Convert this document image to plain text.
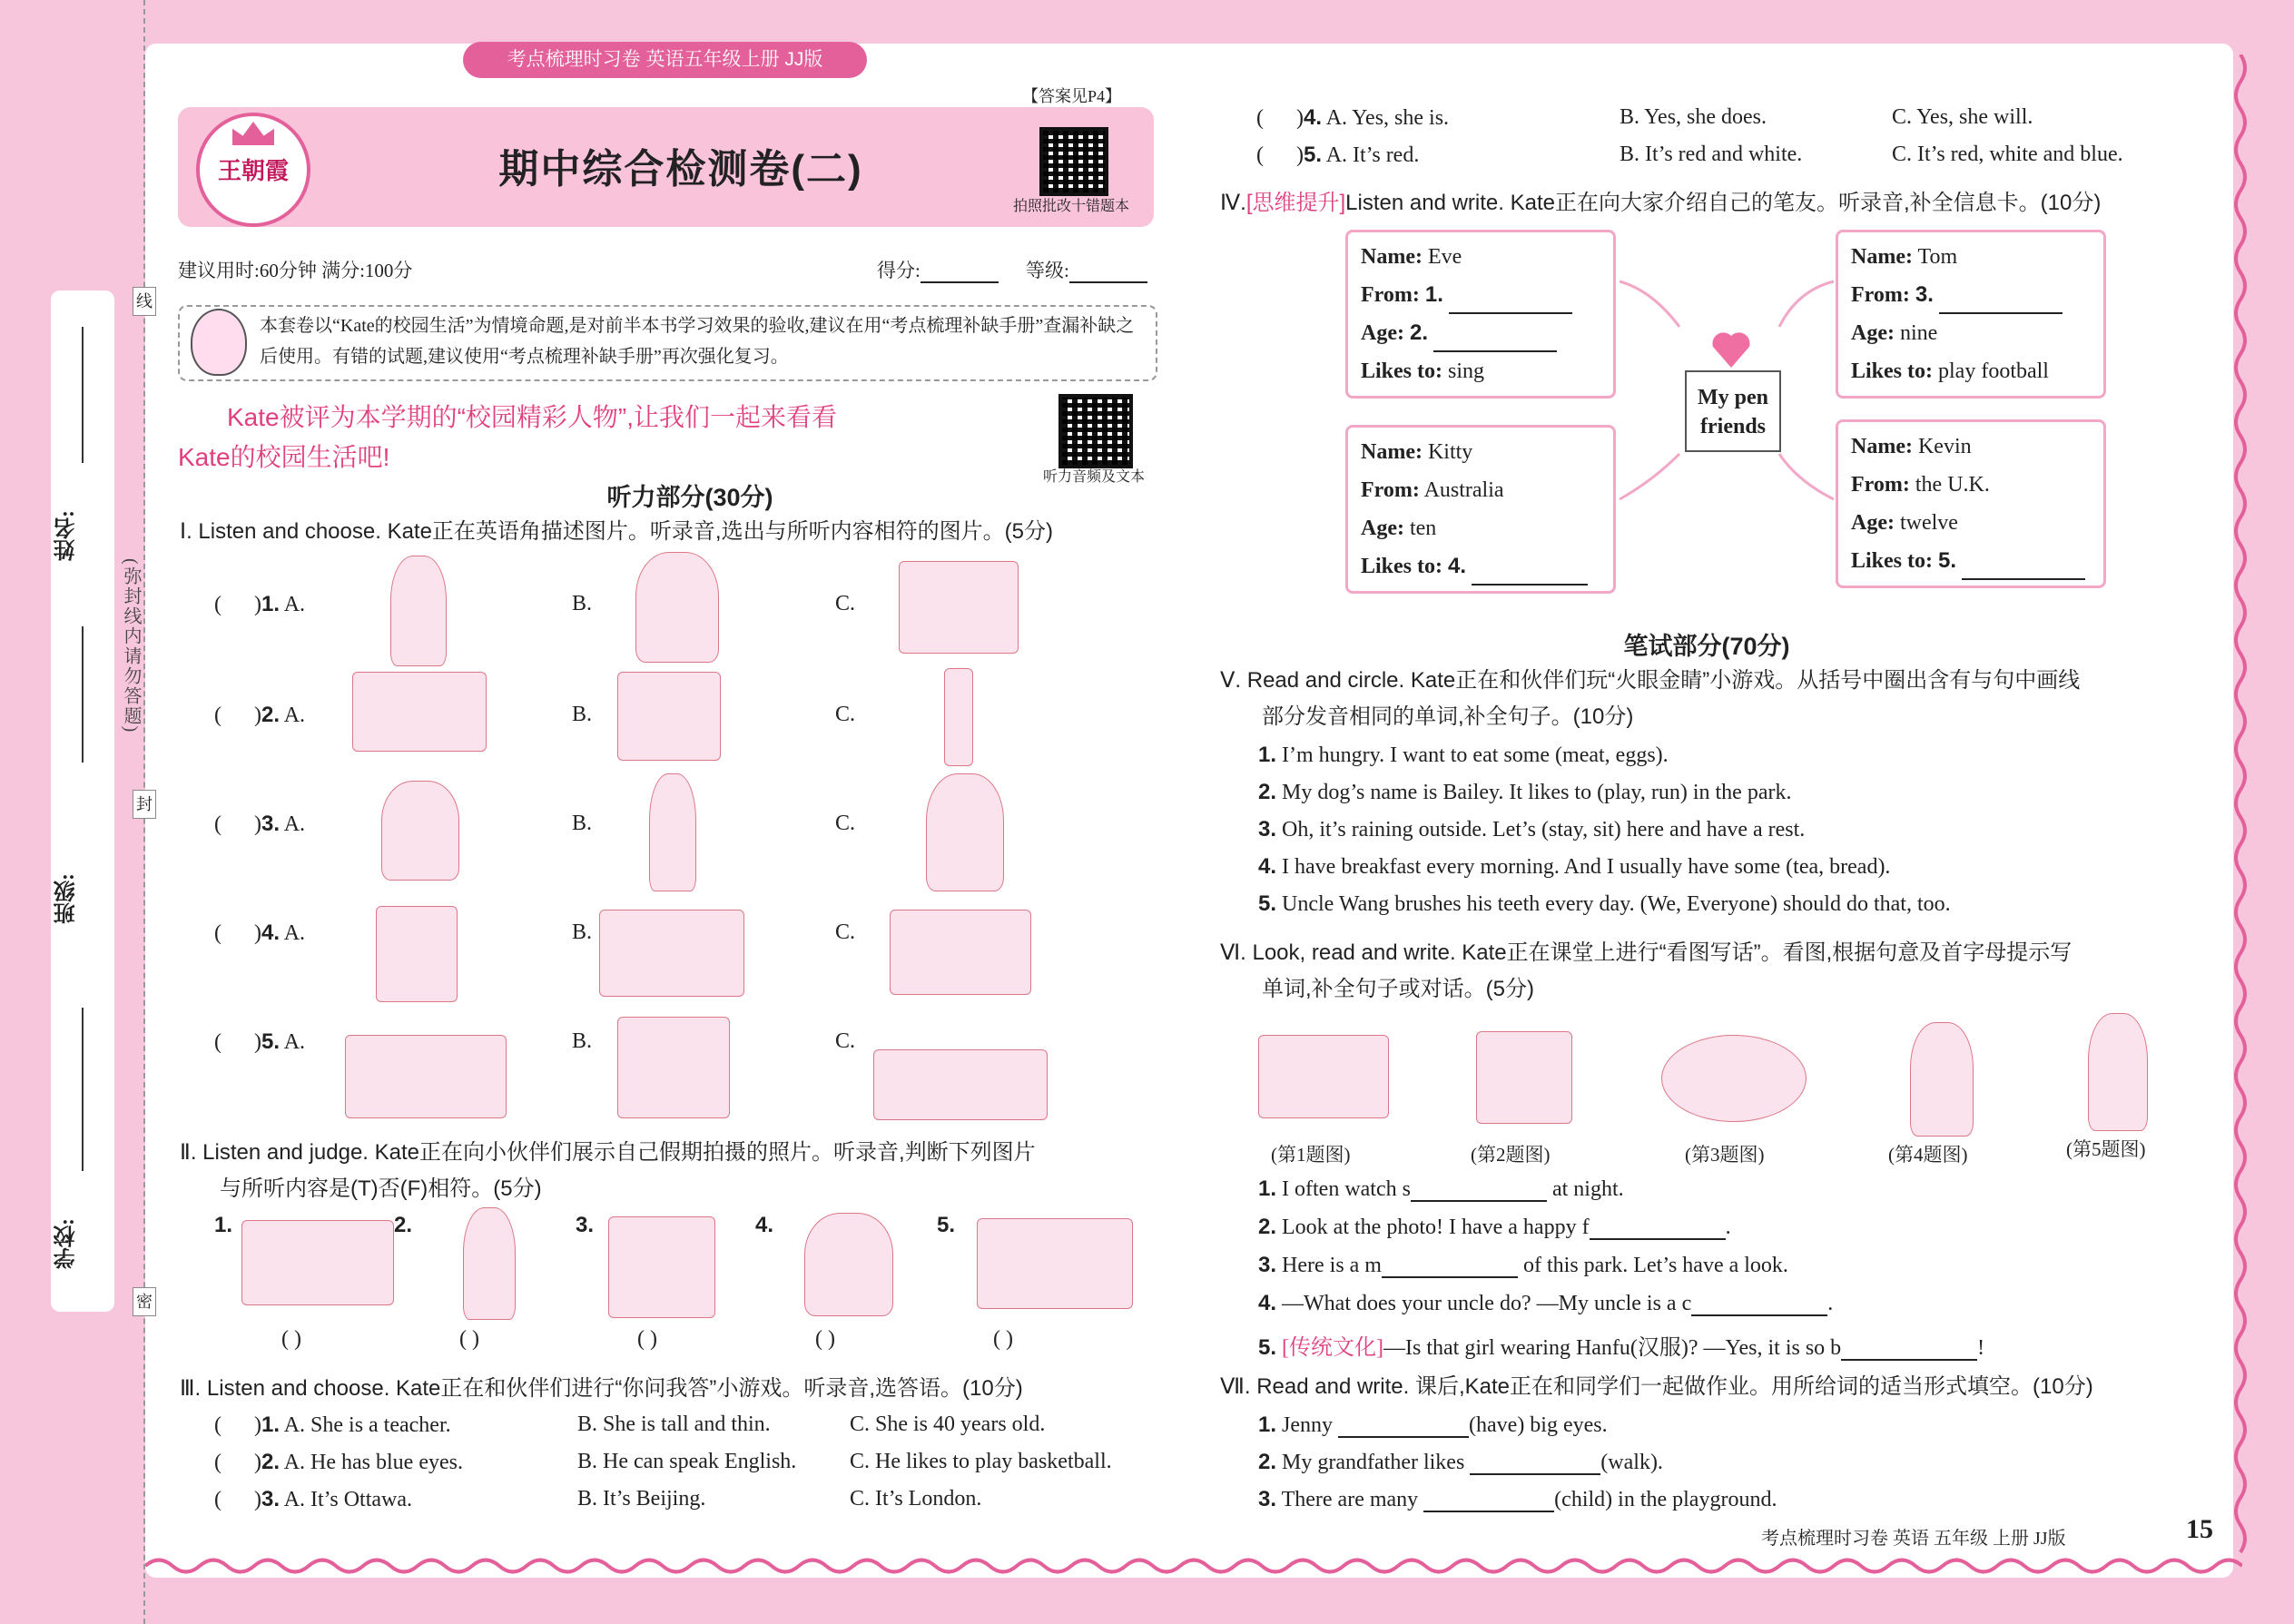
姓名:
班级:
学校:
线
封
密
(弥封线内请勿答题)
考点梳理时习卷 英语五年级上册 JJ版
【答案见P4】
王朝霞	期中综合检测卷(二)
拍照批改十错题本
建议用时:60分钟 满分:100分	得分:	等级:
本套卷以“Kate的校园生活”为情境命题,是对前半本书学习效果的验收,建议在用“考点梳理补缺手册”查漏补缺之后使用。有错的试题,建议使用“考点梳理补缺手册”再次强化复习。
Kate被评为本学期的“校园精彩人物”,让我们一起来看看
Kate的校园生活吧!
听力音频及文本
听力部分(30分)
Ⅰ. Listen and choose. Kate正在英语角描述图片。听录音,选出与所听内容相符的图片。(5分)
(      )1. A.	B.	C.
(      )2. A.	B.	C.
(      )3. A.	B.	C.
(      )4. A.	B.	C.
(      )5. A.	B.	C.
Ⅱ. Listen and judge. Kate正在向小伙伴们展示自己假期拍摄的照片。听录音,判断下列图片
与所听内容是(T)否(F)相符。(5分)
1.
( )
2.
( )
3.
( )
4.
( )
5.
( )
Ⅲ. Listen and choose. Kate正在和伙伴们进行“你问我答”小游戏。听录音,选答语。(10分)
(      )1. A. She is a teacher.	B. She is tall and thin.	C. She is 40 years old.
(      )2. A. He has blue eyes.	B. He can speak English. C. He likes to play basketball.
(      )3. A. It’s Ottawa.	B. It’s Beijing.	C. It’s London.
(      )4. A. Yes, she is.	B. Yes, she does.	C. Yes, she will.
(      )5. A. It’s red.	B. It’s red and white.	C. It’s red, white and blue.
Ⅳ.[思维提升]Listen and write. Kate正在向大家介绍自己的笔友。听录音,补全信息卡。(10分)
My pen friends
Name: Eve
From: 1.
Age: 2.
Likes to: sing
Name: Tom
From: 3.
Age: nine
Likes to: play football
Name: Kitty
From: Australia
Age: ten
Likes to: 4.
Name: Kevin
From: the U.K.
Age: twelve
Likes to: 5.
笔试部分(70分)
Ⅴ. Read and circle. Kate正在和伙伴们玩“火眼金睛”小游戏。从括号中圈出含有与句中画线
部分发音相同的单词,补全句子。(10分)
1. I’m hungry. I want to eat some (meat, eggs).
2. My dog’s name is Bailey. It likes to (play, run) in the park.
3. Oh, it’s raining outside. Let’s (stay, sit) here and have a rest.
4. I have breakfast every morning. And I usually have some (tea, bread).
5. Uncle Wang brushes his teeth every day. (We, Everyone) should do that, too.
Ⅵ. Look, read and write. Kate正在课堂上进行“看图写话”。看图,根据句意及首字母提示写
单词,补全句子或对话。(5分)
(第1题图)	(第2题图)	(第3题图)	(第4题图)	(第5题图)
1. I often watch s	at night.
2. Look at the photo! I have a happy f	.
3. Here is a m	of this park. Let’s have a look.
4. —What does your uncle do? —My uncle is a c	.
5. [传统文化]—Is that girl wearing Hanfu(汉服)? —Yes, it is so b	!
Ⅶ. Read and write. 课后,Kate正在和同学们一起做作业。用所给词的适当形式填空。(10分)
1. Jenny	(have) big eyes.
2. My grandfather likes	(walk).
3. There are many	(child) in the playground.
考点梳理时习卷 英语 五年级 上册 JJ版	15
